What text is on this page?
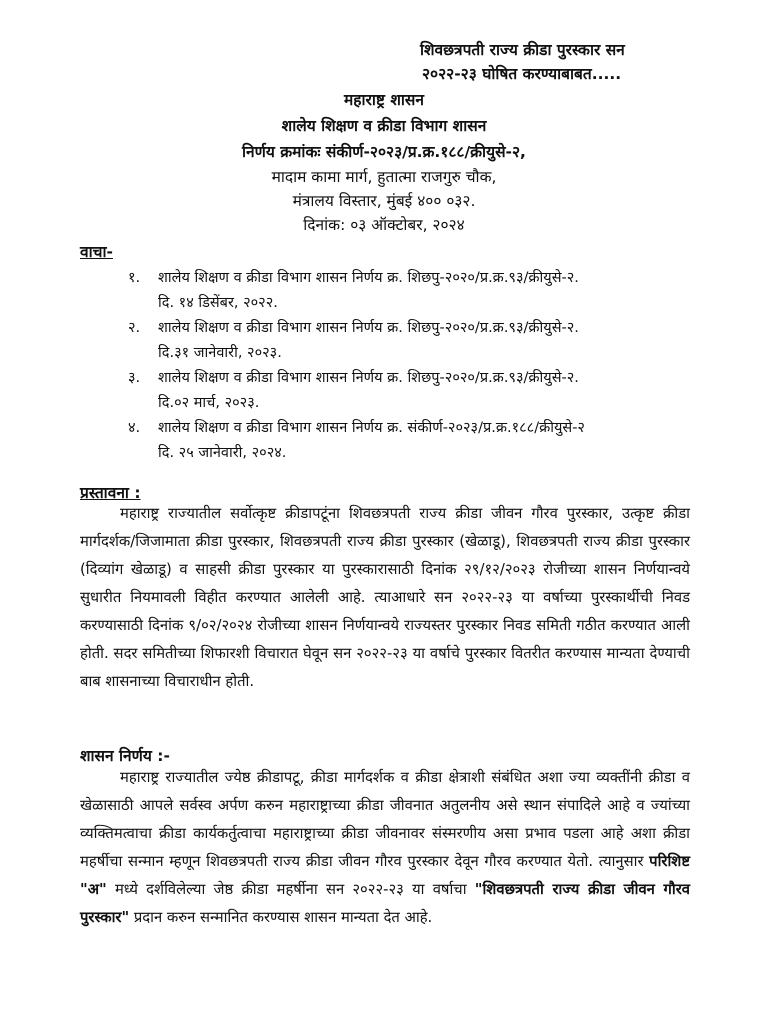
शिवछत्रपती राज्य क्रीडा पुरस्कार सन
२०२२-२३ घोषित करण्याबाबत.....
महाराष्ट्र शासन
शालेय शिक्षण व क्रीडा विभाग शासन
निर्णय क्रमांकः संकीर्ण-२०२३/प्र.क्र.१८८/क्रीयुसे-२,
मादाम कामा मार्ग, हुतात्मा राजगुरु चौक,
मंत्रालय विस्तार, मुंबई ४०० ०३२.
दिनांक: ०३ ऑक्टोबर, २०२४
वाचा-
१.	शालेय शिक्षण व क्रीडा विभाग शासन निर्णय क्र. शिछपु-२०२०/प्र.क्र.९३/क्रीयुसे-२.
दि. १४ डिसेंबर, २०२२.
२.	शालेय शिक्षण व क्रीडा विभाग शासन निर्णय क्र. शिछपु-२०२०/प्र.क्र.९३/क्रीयुसे-२.
दि.३१ जानेवारी, २०२३.
३.	शालेय शिक्षण व क्रीडा विभाग शासन निर्णय क्र. शिछपु-२०२०/प्र.क्र.९३/क्रीयुसे-२.
दि.०२ मार्च, २०२३.
४.	शालेय शिक्षण व क्रीडा विभाग शासन निर्णय क्र. संकीर्ण-२०२३/प्र.क्र.१८८/क्रीयुसे-२
दि. २५ जानेवारी, २०२४.
प्रस्तावना :
महाराष्ट्र राज्यातील सर्वोत्कृष्ट क्रीडापटूंना शिवछत्रपती राज्य क्रीडा जीवन गौरव पुरस्कार, उत्कृष्ट क्रीडा मार्गदर्शक/जिजामाता क्रीडा पुरस्कार, शिवछत्रपती राज्य क्रीडा पुरस्कार (खेळाडू), शिवछत्रपती राज्य क्रीडा पुरस्कार (दिव्यांग खेळाडू) व साहसी क्रीडा पुरस्कार या पुरस्कारासाठी दिनांक २९/१२/२०२३ रोजीच्या शासन निर्णयान्वये सुधारीत नियमावली विहीत करण्यात आलेली आहे. त्याआधारे सन २०२२-२३ या वर्षाच्या पुरस्कार्थीची निवड करण्यासाठी दिनांक ९/०२/२०२४ रोजीच्या शासन निर्णयान्वये राज्यस्तर पुरस्कार निवड समिती गठीत करण्यात आली होती. सदर समितीच्या शिफारशी विचारात घेवून सन २०२२-२३ या वर्षाचे पुरस्कार वितरीत करण्यास मान्यता देण्याची बाब शासनाच्या विचाराधीन होती.
शासन निर्णय :-
महाराष्ट्र राज्यातील ज्येष्ठ क्रीडापटू, क्रीडा मार्गदर्शक व क्रीडा क्षेत्राशी संबंधित अशा ज्या व्यक्तींनी क्रीडा व खेळासाठी आपले सर्वस्व अर्पण करुन महाराष्ट्राच्या क्रीडा जीवनात अतुलनीय असे स्थान संपादिले आहे व ज्यांच्या व्यक्तिमत्वाचा क्रीडा कार्यकर्तुत्वाचा महाराष्ट्राच्या क्रीडा जीवनावर संस्मरणीय असा प्रभाव पडला आहे अशा क्रीडा महर्षीचा सन्मान म्हणून शिवछत्रपती राज्य क्रीडा जीवन गौरव पुरस्कार देवून गौरव करण्यात येतो. त्यानुसार परिशिष्ट "अ" मध्ये दर्शविलेल्या जेष्ठ क्रीडा महर्षीना सन २०२२-२३ या वर्षाचा "शिवछत्रपती राज्य क्रीडा जीवन गौरव पुरस्कार" प्रदान करुन सन्मानित करण्यास शासन मान्यता देत आहे.
